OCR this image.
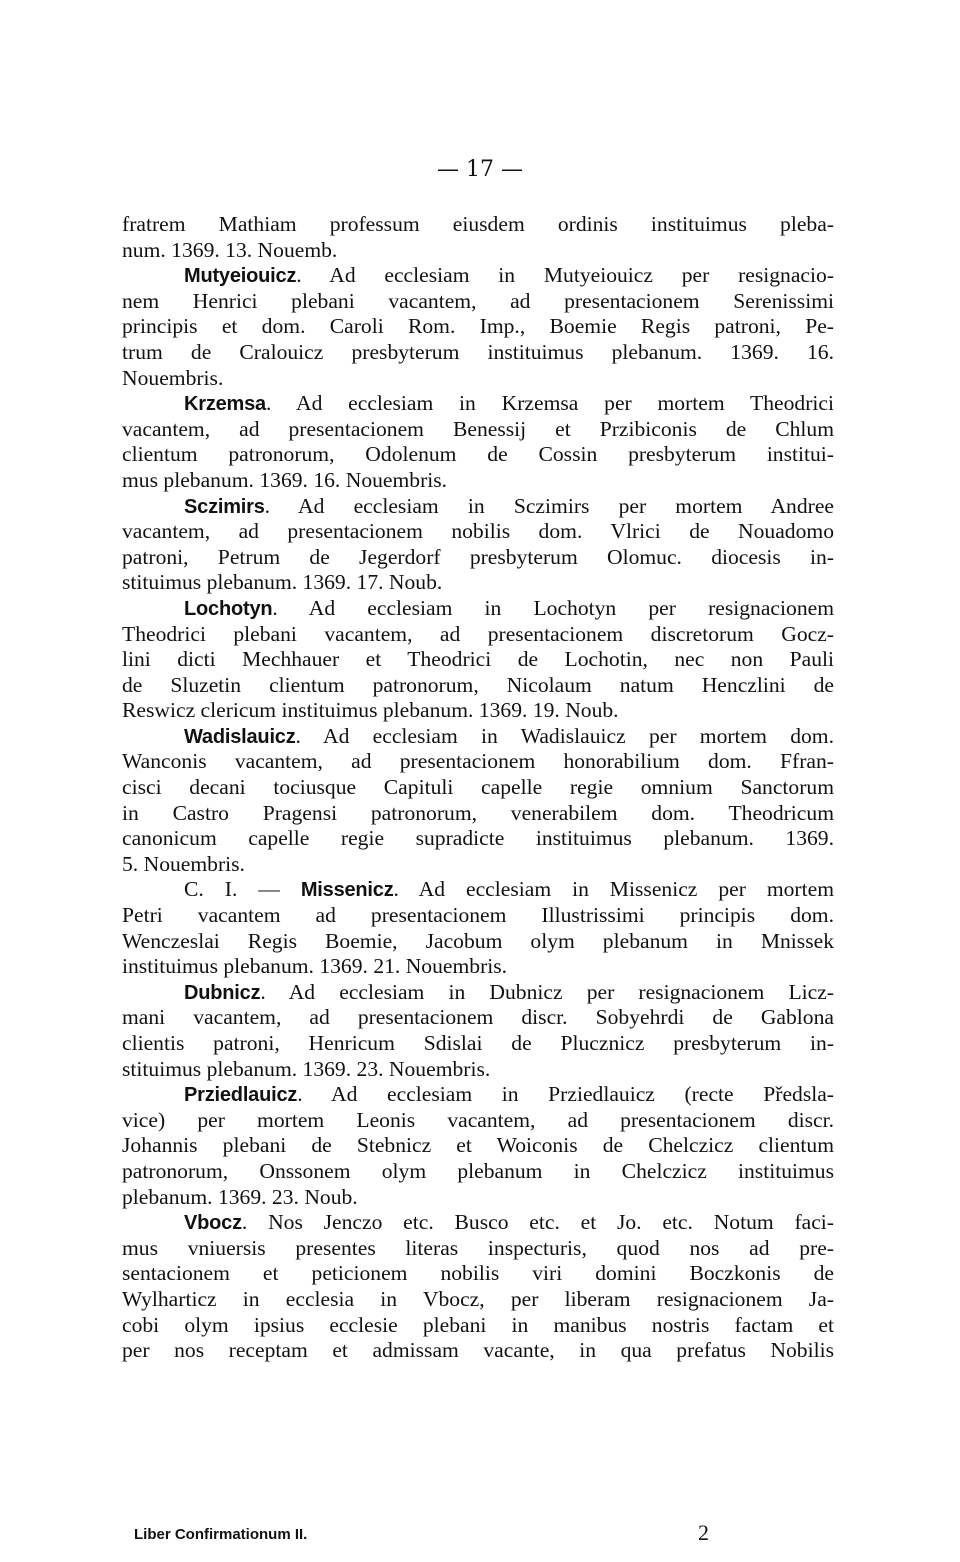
— 17 —
fratrem Mathiam professum eiusdem ordinis instituimus pleba-
num. 1369. 13. Nouemb.
Mutyeiouicz. Ad ecclesiam in Mutyeiouicz per resignacio-
nem Henrici plebani vacantem, ad presentacionem Serenissimi
principis et dom. Caroli Rom. Imp., Boemie Regis patroni, Pe-
trum de Cralouicz presbyterum instituimus plebanum. 1369. 16.
Nouembris.
Krzemsa. Ad ecclesiam in Krzemsa per mortem Theodrici
vacantem, ad presentacionem Benessij et Przibiconis de Chlum
clientum patronorum, Odolenum de Cossin presbyterum institui-
mus plebanum. 1369. 16. Nouembris.
Sczimirs. Ad ecclesiam in Sczimirs per mortem Andree
vacantem, ad presentacionem nobilis dom. Vlrici de Nouadomo
patroni, Petrum de Jegerdorf presbyterum Olomuc. diocesis in-
stituimus plebanum. 1369. 17. Noub.
Lochotyn. Ad ecclesiam in Lochotyn per resignacionem
Theodrici plebani vacantem, ad presentacionem discretorum Gocz-
lini dicti Mechhauer et Theodrici de Lochotin, nec non Pauli
de Sluzetin clientum patronorum, Nicolaum natum Henczlini de
Reswicz clericum instituimus plebanum. 1369. 19. Noub.
Wadislauicz. Ad ecclesiam in Wadislauicz per mortem dom.
Wanconis vacantem, ad presentacionem honorabilium dom. Ffran-
cisci decani tociusque Capituli capelle regie omnium Sanctorum
in Castro Pragensi patronorum, venerabilem dom. Theodricum
canonicum capelle regie supradicte instituimus plebanum. 1369.
5. Nouembris.
C. I. — Missenicz. Ad ecclesiam in Missenicz per mortem
Petri vacantem ad presentacionem Illustrissimi principis dom.
Wenczeslai Regis Boemie, Jacobum olym plebanum in Mnissek
instituimus plebanum. 1369. 21. Nouembris.
Dubnicz. Ad ecclesiam in Dubnicz per resignacionem Licz-
mani vacantem, ad presentacionem discr. Sobyehrdi de Gablona
clientis patroni, Henricum Sdislai de Plucznicz presbyterum in-
stituimus plebanum. 1369. 23. Nouembris.
Prziedlauicz. Ad ecclesiam in Prziedlauicz (recte Předsla-
vice) per mortem Leonis vacantem, ad presentacionem discr.
Johannis plebani de Stebnicz et Woiconis de Chelczicz clientum
patronorum, Onssonem olym plebanum in Chelczicz instituimus
plebanum. 1369. 23. Noub.
Vbocz. Nos Jenczo etc. Busco etc. et Jo. etc. Notum faci-
mus vniuersis presentes literas inspecturis, quod nos ad pre-
sentacionem et peticionem nobilis viri domini Boczkonis de
Wylharticz in ecclesia in Vbocz, per liberam resignacionem Ja-
cobi olym ipsius ecclesie plebani in manibus nostris factam et
per nos receptam et admissam vacante, in qua prefatus Nobilis
Liber Confirmationum II.	2
